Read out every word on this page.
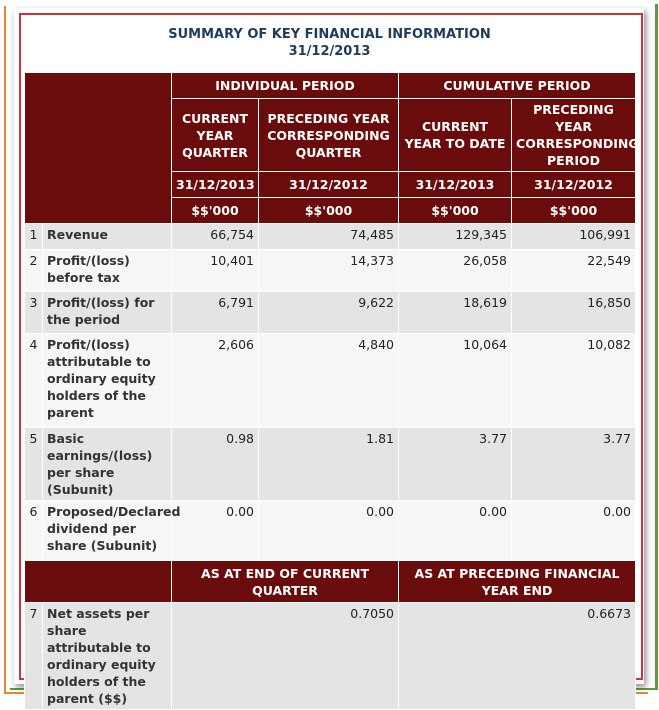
SUMMARY OF KEY FINANCIAL INFORMATION
31/12/2013
		INDIVIDUAL PERIOD		CUMULATIVE PERIOD	
		CURRENT YEAR QUARTER	PRECEDING YEAR CORRESPONDING QUARTER	CURRENT YEAR TO DATE	PRECEDING YEAR CORRESPONDING PERIOD
		31/12/2013	31/12/2012	31/12/2013	31/12/2012
		$$'000	$$'000	$$'000	$$'000
1	Revenue	66,754	74,485	129,345	106,991
2	Profit/(loss) before tax	10,401	14,373	26,058	22,549
3	Profit/(loss) for the period	6,791	9,622	18,619	16,850
4	Profit/(loss) attributable to ordinary equity holders of the parent	2,606	4,840	10,064	10,082
5	Basic earnings/(loss) per share (Subunit)	0.98	1.81	3.77	3.77
6	Proposed/Declared dividend per share (Subunit)	0.00	0.00	0.00	0.00
		AS AT END OF CURRENT QUARTER		AS AT PRECEDING FINANCIAL YEAR END	
7	Net assets per share attributable to ordinary equity holders of the parent ($$)	0.7050		0.6673	
